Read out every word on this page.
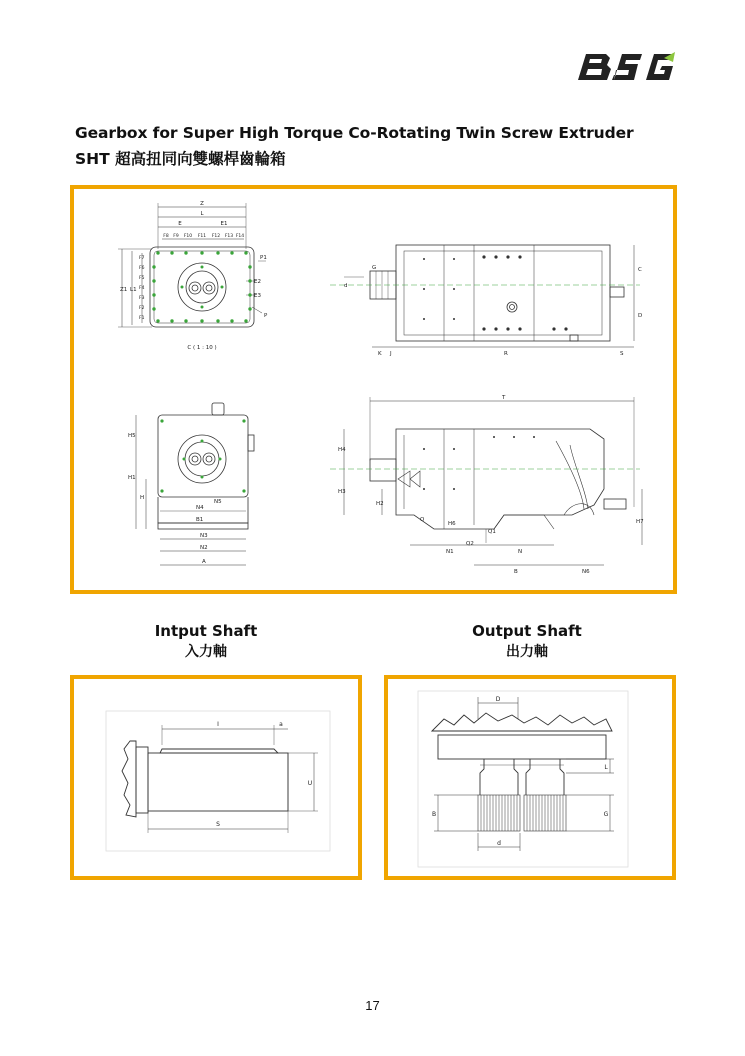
Gearbox for Super High Torque Co-Rotating Twin Screw Extruder
SHT 超高扭同向雙螺桿齒輪箱
Z
L
E	E1
F8 F9 F10 F11 F12 F13 F14
Z1 L1
F7
F6
F5
F4
F3
F2
F1
P1
E2
E3
P
C ( 1 : 10 )
G
d
K J	R	S
C
D
H5
H1
H
N4
N5
B1
N3
N2
A
T
H4
H3
H2
H6
Q
Q1
Q2
N1	N
B	N6
H7
Intput Shaft
入力軸
Output Shaft
出力軸
I	a
U
S
D
L
B	G
d
17
